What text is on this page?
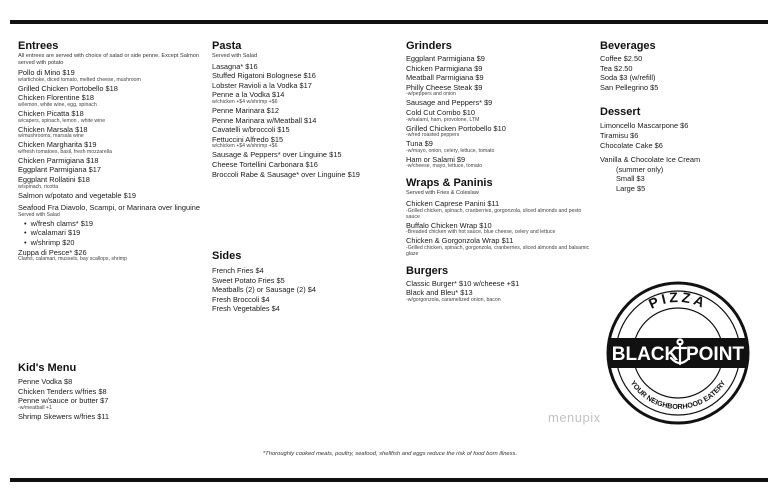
Entrees
All entrees are served with choice of salad or side penne. Except Salmon served with potato
Pollo di Mino $19
w/artichoke, diced tomato, melted cheese, mushroom
Grilled Chicken Portobello $18
Chicken Florentine $18
w/lemon, white wine, egg, spinach
Chicken Picatta $18
w/capers, spinach, lemon , white wine
Chicken Marsala $18
w/mushrooms, marsala wine
Chicken Margharita $19
w/fresh tomatoes, basil, fresh mozzarella
Chicken Parmigiana $18
Eggplant Parmigiana $17
Eggplant Rollatini $18
w/spinach, ricotta
Salmon w/potato and vegetable $19
Seafood Fra Diavolo, Scampi, or Marinara over linguine
Served with Salad
• w/fresh clams* $19
• w/calamari $19
• w/shrimp $20
Zuppa di Pesce* $26
Clams, calamari, mussels, bay scallops, shrimp
Kid's Menu
Penne Vodka $8
Chicken Tenders w/fries $8
Penne w/sauce or butter $7
-w/meatball +1
Shrimp Skewers w/fries $11
Pasta
Served with Salad
Lasagna* $16
Stuffed Rigatoni Bolognese $16
Lobster Ravioli a la Vodka $17
Penne a la Vodka $14
w/chicken +$4 w/shrimp +$6
Penne Marinara $12
Penne Marinara w/Meatball $14
Cavatelli w/broccoli $15
Fettuccini Alfredo $15
w/chicken +$4 w/shrimp +$6
Sausage & Peppers* over Linguine $15
Cheese Tortellini Carbonara $16
Broccoli Rabe & Sausage* over Linguine $19
Sides
French Fries $4
Sweet Potato Fries $5
Meatballs (2) or Sausage (2) $4
Fresh Broccoli $4
Fresh Vegetables $4
Grinders
Eggplant Parmigiana $9
Chicken Parmigiana $9
Meatball Parmigiana $9
Philly Cheese Steak $9
-w/peppers and onion
Sausage and Peppers* $9
Cold Cut Combo $10
-w/salami, ham, provolone, LTM
Grilled Chicken Portobello $10
-w/red roasted peppers
Tuna $9
-w/mayo, onion, celery, lettuce, tomato
Ham or Salami $9
-w/cheese, mayo, lettuce, tomato
Wraps & Paninis
Served with Fries & Coleslaw
Chicken Caprese Panini $11
-Grilled chicken, spinach, cranberries, gorgonzola, sliced almonds and pesto sauce
Buffalo Chicken Wrap $10
-Breaded chicken with hot sauce, blue cheese, celery and lettuce
Chicken & Gorgonzola Wrap $11
-Grilled chicken, spinach, gorgonzola, cranberries, sliced almonds and balsamic glaze
Burgers
Classic Burger* $10 w/cheese +$1
Black and Bleu* $13
-w/gorgonzola, caramelized onion, bacon
Beverages
Coffee $2.50
Tea $2.50
Soda $3 (w/refill)
San Pellegrino $5
Dessert
Limoncello Mascarpone $6
Tiramisu $6
Chocolate Cake $6
Vanilla & Chocolate Ice Cream
(summer only)
Small $3
Large $5
PIZZA
BLACK POINT
YOUR NEIGHBORHOOD EATERY
menupix
*Thoroughly cooked meats, poultry, seafood, shellfish and eggs reduce the risk of food born illness.
